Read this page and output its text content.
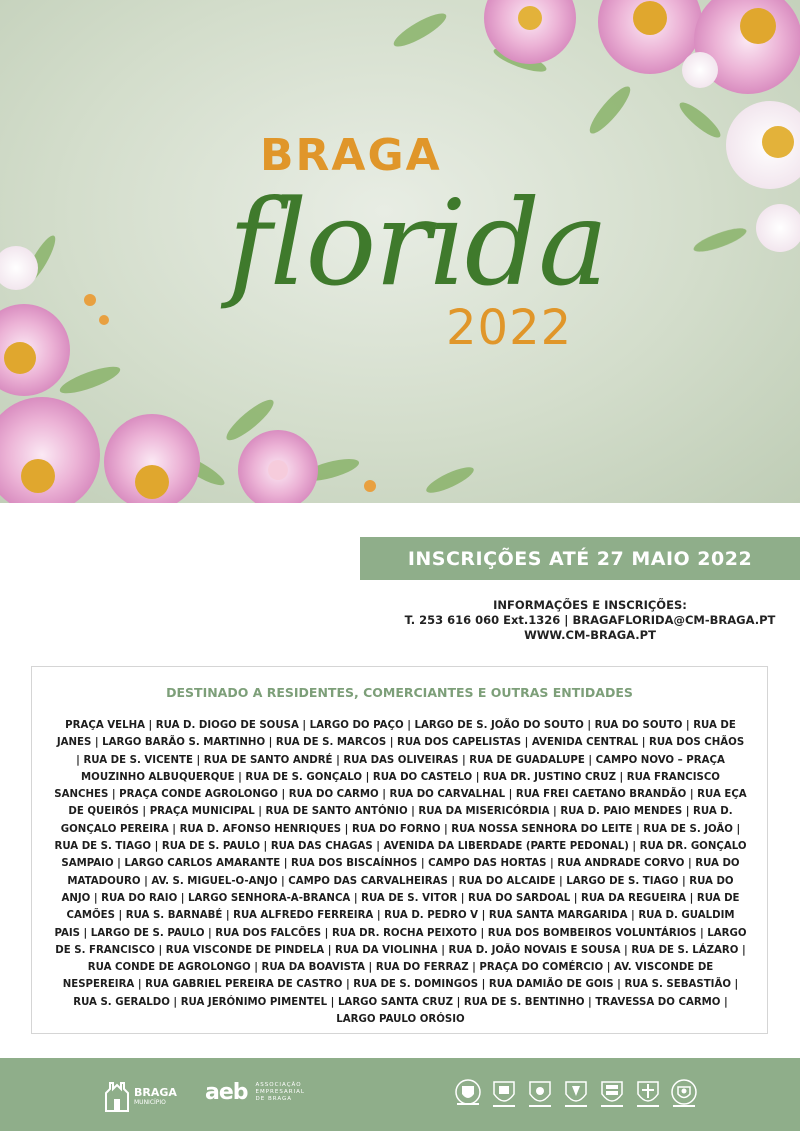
BRAGA
florida
2022
INSCRIÇÕES ATÉ 27 MAIO 2022
INFORMAÇÕES E INSCRIÇÕES:
T. 253 616 060 Ext.1326 | BRAGAFLORIDA@CM-BRAGA.PT
WWW.CM-BRAGA.PT
DESTINADO A RESIDENTES, COMERCIANTES E OUTRAS ENTIDADES

PRAÇA VELHA | RUA D. DIOGO DE SOUSA | LARGO DO PAÇO | LARGO DE S. JOÃO DO SOUTO | RUA DO SOUTO | RUA DE JANES | LARGO BARÃO S. MARTINHO | RUA DE S. MARCOS | RUA DOS CAPELISTAS | AVENIDA CENTRAL | RUA DOS CHÃOS | RUA DE S. VICENTE | RUA DE SANTO ANDRÉ | RUA DAS OLIVEIRAS | RUA DE GUADALUPE | CAMPO NOVO – PRAÇA MOUZINHO ALBUQUERQUE | RUA DE S. GONÇALO | RUA DO CASTELO | RUA DR. JUSTINO CRUZ | RUA FRANCISCO SANCHES | PRAÇA CONDE AGROLONGO | RUA DO CARMO | RUA DO CARVALHAL | RUA FREI CAETANO BRANDÃO | RUA EÇA DE QUEIRÓS | PRAÇA MUNICIPAL | RUA DE SANTO ANTÓNIO | RUA DA MISERICÓRDIA | RUA D. PAIO MENDES | RUA D. GONÇALO PEREIRA | RUA D. AFONSO HENRIQUES | RUA DO FORNO | RUA NOSSA SENHORA DO LEITE | RUA DE S. JOÃO | RUA DE S. TIAGO | RUA DE S. PAULO | RUA DAS CHAGAS | AVENIDA DA LIBERDADE (PARTE PEDONAL) | RUA DR. GONÇALO SAMPAIO | LARGO CARLOS AMARANTE | RUA DOS BISCAÍNHOS | CAMPO DAS HORTAS | RUA ANDRADE CORVO | RUA DO MATADOURO | AV. S. MIGUEL-O-ANJO | CAMPO DAS CARVALHEIRAS | RUA DO ALCAIDE | LARGO DE S. TIAGO | RUA DO ANJO | RUA DO RAIO | LARGO SENHORA-A-BRANCA | RUA DE S. VITOR | RUA DO SARDOAL | RUA DA REGUEIRA | RUA DE CAMÕES | RUA S. BARNABÉ | RUA ALFREDO FERREIRA | RUA D. PEDRO V | RUA SANTA MARGARIDA | RUA D. GUALDIM PAIS | LARGO DE S. PAULO | RUA DOS FALCÕES | RUA DR. ROCHA PEIXOTO | RUA DOS BOMBEIROS VOLUNTÁRIOS | LARGO DE S. FRANCISCO | RUA VISCONDE DE PINDELA | RUA DA VIOLINHA | RUA D. JOÃO NOVAIS E SOUSA | RUA DE S. LÁZARO | RUA CONDE DE AGROLONGO | RUA DA BOAVISTA | RUA DO FERRAZ | PRAÇA DO COMÉRCIO | AV. VISCONDE DE NESPEREIRA | RUA GABRIEL PEREIRA DE CASTRO | RUA DE S. DOMINGOS | RUA DAMIÃO DE GOIS | RUA S. SEBASTIÃO | RUA S. GERALDO | RUA JERÓNIMO PIMENTEL | LARGO SANTA CRUZ | RUA DE S. BENTINHO | TRAVESSA DO CARMO | LARGO PAULO ORÓSIO

BRAGA
MUNICÍPIO	aeb ASSOCIAÇÃO
EMPRESARIAL
DE BRAGA
